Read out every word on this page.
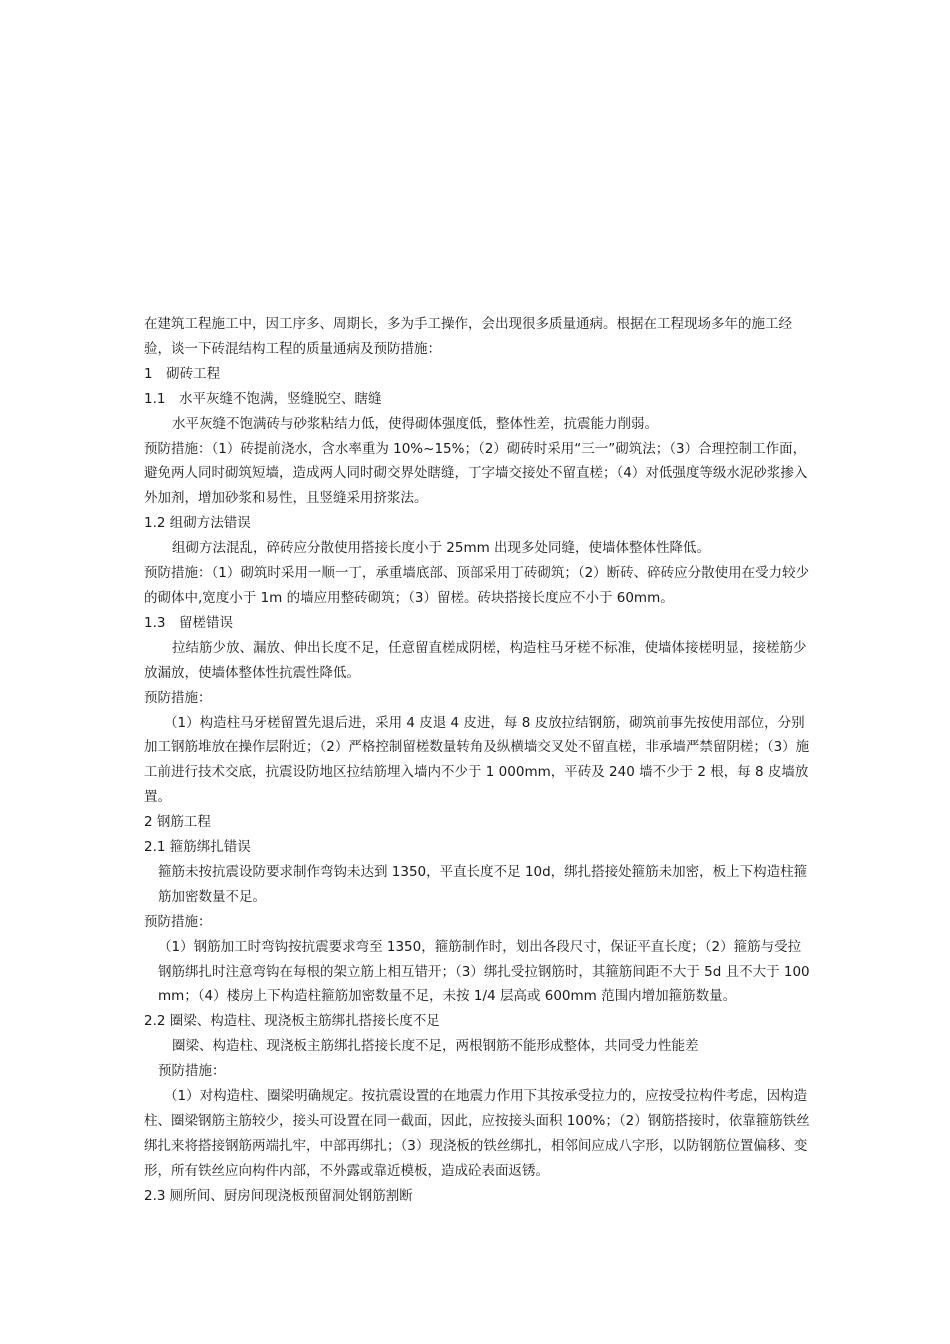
在建筑工程施工中，因工序多、周期长，多为手工操作，会出现很多质量通病。根据在工程现场多年的施工经验，谈一下砖混结构工程的质量通病及预防措施：

1　砌砖工程

1.1　水平灰缝不饱满，竖缝脱空、瞎缝

水平灰缝不饱满砖与砂浆粘结力低，使得砌体强度低，整体性差，抗震能力削弱。

预防措施：（1）砖提前浇水，含水率重为 10%~15%；（2）砌砖时采用“三一”砌筑法；（3）合理控制工作面，避免两人同时砌筑短墙，造成两人同时砌交界处瞎缝，丁字墙交接处不留直槎；（4）对低强度等级水泥砂浆掺入外加剂，增加砂浆和易性，且竖缝采用挤浆法。

1.2 组砌方法错误

组砌方法混乱，碎砖应分散使用搭接长度小于 25mm 出现多处同缝，使墙体整体性降低。

预防措施：（1）砌筑时采用一顺一丁，承重墙底部、顶部采用丁砖砌筑；（2）断砖、碎砖应分散使用在受力较少的砌体中,宽度小于 1m 的墙应用整砖砌筑；（3）留槎。砖块搭接长度应不小于 60mm。

1.3　留槎错误

拉结筋少放、漏放、伸出长度不足，任意留直槎成阴槎，构造柱马牙槎不标准，使墙体接槎明显，接槎筋少放漏放，使墙体整体性抗震性降低。

预防措施：

（1）构造柱马牙槎留置先退后进，采用 4 皮退 4 皮进，每 8 皮放拉结钢筋，砌筑前事先按使用部位，分别加工钢筋堆放在操作层附近；（2）严格控制留槎数量转角及纵横墙交叉处不留直槎，非承墙严禁留阴槎；（3）施工前进行技术交底，抗震设防地区拉结筋埋入墙内不少于 1 000mm，平砖及 240 墙不少于 2 根，每 8 皮墙放置。

2 钢筋工程

2.1 箍筋绑扎错误

箍筋未按抗震设防要求制作弯钩未达到 1350，平直长度不足 10d，绑扎搭接处箍筋未加密，板上下构造柱箍筋加密数量不足。

预防措施：

（1）钢筋加工时弯钩按抗震要求弯至 1350，箍筋制作时，划出各段尺寸，保证平直长度；（2）箍筋与受拉钢筋绑扎时注意弯钩在每根的架立筋上相互错开；（3）绑扎受拉钢筋时，其箍筋间距不大于 5d 且不大于 100mm；（4）楼房上下构造柱箍筋加密数量不足，未按 1/4 层高或 600mm 范围内增加箍筋数量。

2.2 圈梁、构造柱、现浇板主筋绑扎搭接长度不足

圈梁、构造柱、现浇板主筋绑扎搭接长度不足，两根钢筋不能形成整体，共同受力性能差

预防措施：

（1）对构造柱、圈梁明确规定。按抗震设置的在地震力作用下其按承受拉力的，应按受拉构件考虑，因构造柱、圈梁钢筋主筋较少，接头可设置在同一截面，因此，应按接头面积 100%；（2）钢筋搭接时，依靠箍筋铁丝绑扎来将搭接钢筋两端扎牢，中部再绑扎；（3）现浇板的铁丝绑扎，相邻间应成八字形，以防钢筋位置偏移、变形，所有铁丝应向构件内部，不外露或靠近模板，造成砼表面返锈。

2.3 厕所间、厨房间现浇板预留洞处钢筋割断
